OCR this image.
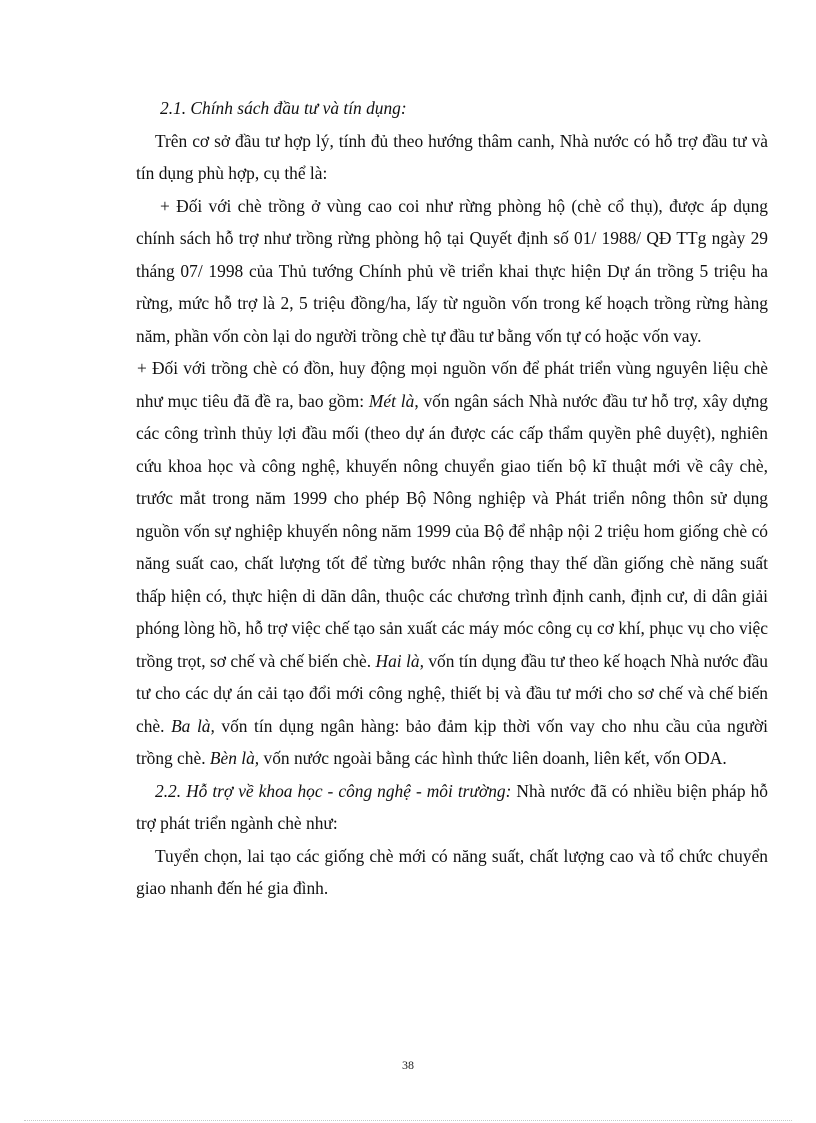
2.1. Chính sách đầu tư và tín dụng:

Trên cơ sở đầu tư hợp lý, tính đủ theo hướng thâm canh, Nhà nước có hỗ trợ đầu tư và tín dụng phù hợp, cụ thể là:

+ Đối với chè trồng ở vùng cao coi như rừng phòng hộ (chè cổ thụ), được áp dụng chính sách hỗ trợ như trồng rừng phòng hộ tại Quyết định số 01/ 1988/ QĐ TTg ngày 29 tháng 07/ 1998 của Thủ tướng Chính phủ về triển khai thực hiện Dự án trồng 5 triệu ha rừng, mức hỗ trợ là 2, 5 triệu đồng/ha, lấy từ nguồn vốn trong kế hoạch trồng rừng hàng năm, phần vốn còn lại do người trồng chè tự đầu tư bằng vốn tự có hoặc vốn vay.

+ Đối với trồng chè có đồn, huy động mọi nguồn vốn để phát triển vùng nguyên liệu chè như mục tiêu đã đề ra, bao gồm: Mét là, vốn ngân sách Nhà nước đầu tư hỗ trợ, xây dựng các công trình thủy lợi đầu mối (theo dự án được các cấp thẩm quyền phê duyệt), nghiên cứu khoa học và công nghệ, khuyến nông chuyển giao tiến bộ kĩ thuật mới về cây chè, trước mắt trong năm 1999 cho phép Bộ Nông nghiệp và Phát triển nông thôn sử dụng nguồn vốn sự nghiệp khuyến nông năm 1999 của Bộ để nhập nội 2 triệu hom giống chè có năng suất cao, chất lượng tốt để từng bước nhân rộng thay thế dần giống chè năng suất thấp hiện có, thực hiện di dãn dân, thuộc các chương trình định canh, định cư, di dân giải phóng lòng hồ, hỗ trợ việc chế tạo sản xuất các máy móc công cụ cơ khí, phục vụ cho việc trồng trọt, sơ chế và chế biến chè. Hai là, vốn tín dụng đầu tư theo kế hoạch Nhà nước đầu tư cho các dự án cải tạo đổi mới công nghệ, thiết bị và đầu tư mới cho sơ chế và chế biến chè. Ba là, vốn tín dụng ngân hàng: bảo đảm kịp thời vốn vay cho nhu cầu của người trồng chè. Bèn là, vốn nước ngoài bằng các hình thức liên doanh, liên kết, vốn ODA.

2.2. Hỗ trợ về khoa học - công nghệ - môi trường: Nhà nước đã có nhiều biện pháp hỗ trợ phát triển ngành chè như:

Tuyển chọn, lai tạo các giống chè mới có năng suất, chất lượng cao và tổ chức chuyển giao nhanh đến hé gia đình.

38
